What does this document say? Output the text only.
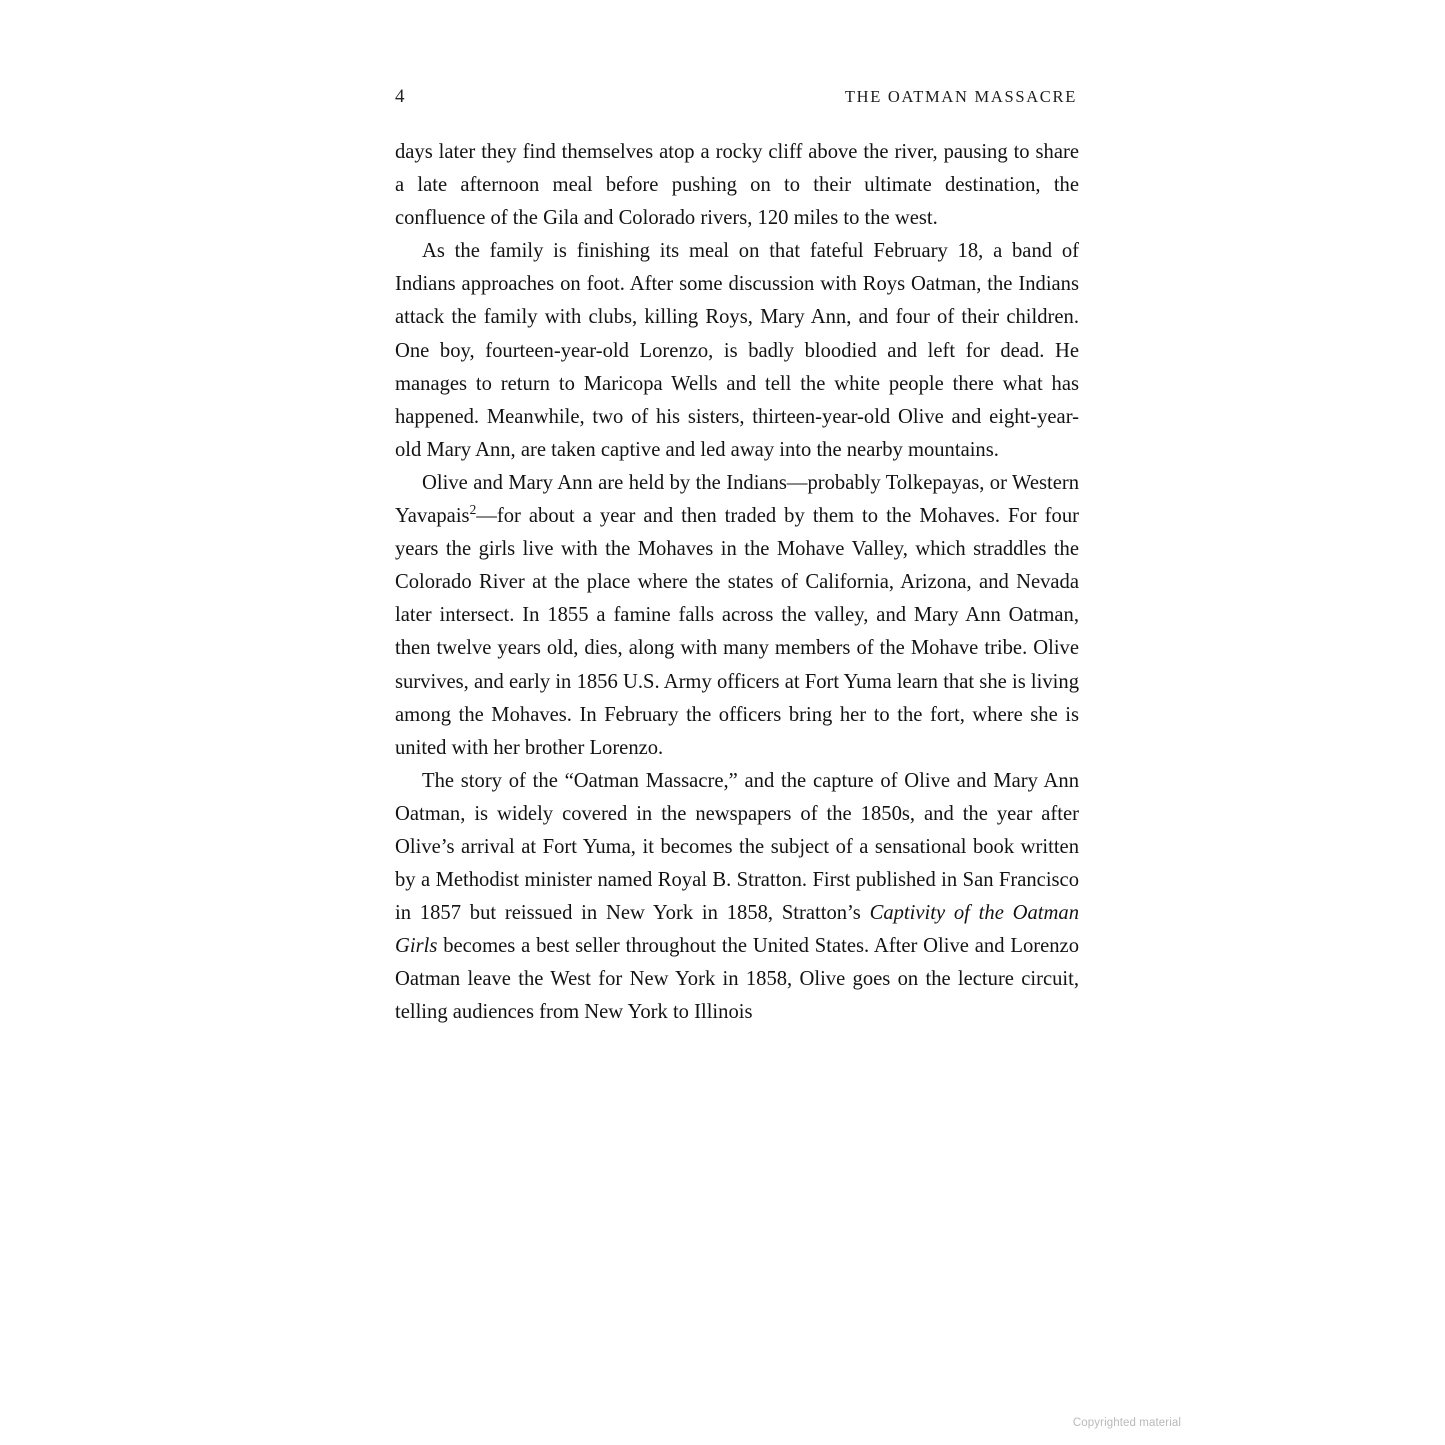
4	THE OATMAN MASSACRE

days later they find themselves atop a rocky cliff above the river, pausing to share a late afternoon meal before pushing on to their ultimate destination, the confluence of the Gila and Colorado rivers, 120 miles to the west.

As the family is finishing its meal on that fateful February 18, a band of Indians approaches on foot. After some discussion with Roys Oatman, the Indians attack the family with clubs, killing Roys, Mary Ann, and four of their children. One boy, fourteen-year-old Lorenzo, is badly bloodied and left for dead. He manages to return to Maricopa Wells and tell the white people there what has happened. Meanwhile, two of his sisters, thirteen-year-old Olive and eight-year-old Mary Ann, are taken captive and led away into the nearby mountains.

Olive and Mary Ann are held by the Indians—probably Tolkepayas, or Western Yavapais$^2$—for about a year and then traded by them to the Mohaves. For four years the girls live with the Mohaves in the Mohave Valley, which straddles the Colorado River at the place where the states of California, Arizona, and Nevada later intersect. In 1855 a famine falls across the valley, and Mary Ann Oatman, then twelve years old, dies, along with many members of the Mohave tribe. Olive survives, and early in 1856 U.S. Army officers at Fort Yuma learn that she is living among the Mohaves. In February the officers bring her to the fort, where she is united with her brother Lorenzo.

The story of the “Oatman Massacre,” and the capture of Olive and Mary Ann Oatman, is widely covered in the newspapers of the 1850s, and the year after Olive’s arrival at Fort Yuma, it becomes the subject of a sensational book written by a Methodist minister named Royal B. Stratton. First published in San Francisco in 1857 but reissued in New York in 1858, Stratton’s Captivity of the Oatman Girls becomes a best seller throughout the United States. After Olive and Lorenzo Oatman leave the West for New York in 1858, Olive goes on the lecture circuit, telling audiences from New York to Illinois

Copyrighted material
